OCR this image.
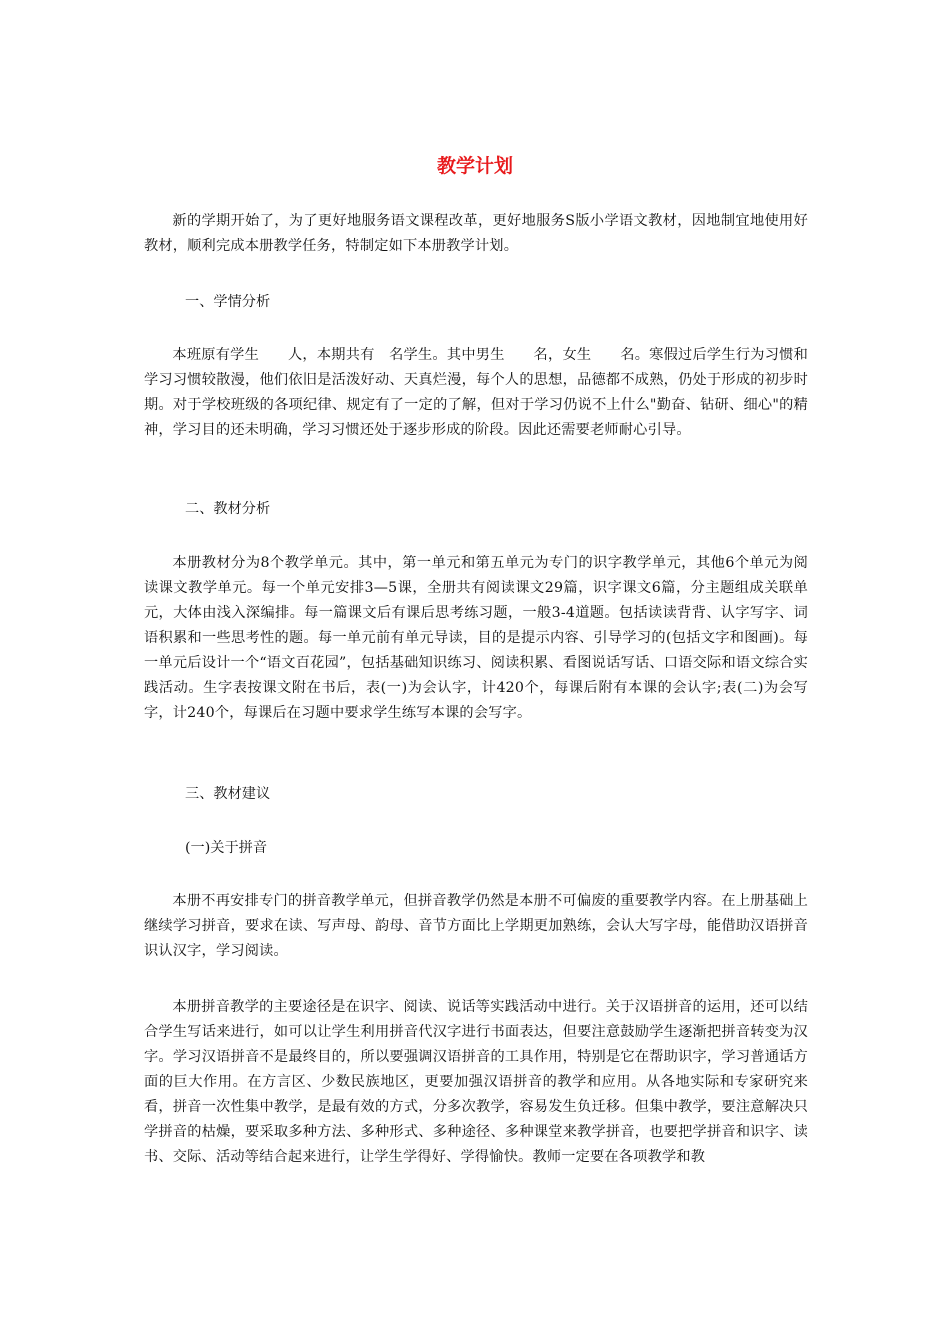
教学计划

新的学期开始了，为了更好地服务语文课程改革，更好地服务S版小学语文教材，因地制宜地使用好教材，顺利完成本册教学任务，特制定如下本册教学计划。

一、学情分析

本班原有学生　　人，本期共有　名学生。其中男生　　名，女生　　名。寒假过后学生行为习惯和学习习惯较散漫，他们依旧是活泼好动、天真烂漫，每个人的思想，品德都不成熟，仍处于形成的初步时期。对于学校班级的各项纪律、规定有了一定的了解，但对于学习仍说不上什么"勤奋、钻研、细心"的精神，学习目的还未明确，学习习惯还处于逐步形成的阶段。因此还需要老师耐心引导。

二、教材分析

本册教材分为8个教学单元。其中，第一单元和第五单元为专门的识字教学单元，其他6个单元为阅读课文教学单元。每一个单元安排3—5课，全册共有阅读课文29篇，识字课文6篇，分主题组成关联单元，大体由浅入深编排。每一篇课文后有课后思考练习题，一般3-4道题。包括读读背背、认字写字、词语积累和一些思考性的题。每一单元前有单元导读，目的是提示内容、引导学习的(包括文字和图画)。每一单元后设计一个“语文百花园”，包括基础知识练习、阅读积累、看图说话写话、口语交际和语文综合实践活动。生字表按课文附在书后，表(一)为会认字，计420个，每课后附有本课的会认字;表(二)为会写字，计240个，每课后在习题中要求学生练写本课的会写字。

三、教材建议
(一)关于拼音

本册不再安排专门的拼音教学单元，但拼音教学仍然是本册不可偏废的重要教学内容。在上册基础上继续学习拼音，要求在读、写声母、韵母、音节方面比上学期更加熟练，会认大写字母，能借助汉语拼音识认汉字，学习阅读。

本册拼音教学的主要途径是在识字、阅读、说话等实践活动中进行。关于汉语拼音的运用，还可以结合学生写话来进行，如可以让学生利用拼音代汉字进行书面表达，但要注意鼓励学生逐渐把拼音转变为汉字。学习汉语拼音不是最终目的，所以要强调汉语拼音的工具作用，特别是它在帮助识字，学习普通话方面的巨大作用。在方言区、少数民族地区，更要加强汉语拼音的教学和应用。从各地实际和专家研究来看，拼音一次性集中教学，是最有效的方式，分多次教学，容易发生负迁移。但集中教学，要注意解决只学拼音的枯燥，要采取多种方法、多种形式、多种途径、多种课堂来教学拼音，也要把学拼音和识字、读书、交际、活动等结合起来进行，让学生学得好、学得愉快。教师一定要在各项教学和教
